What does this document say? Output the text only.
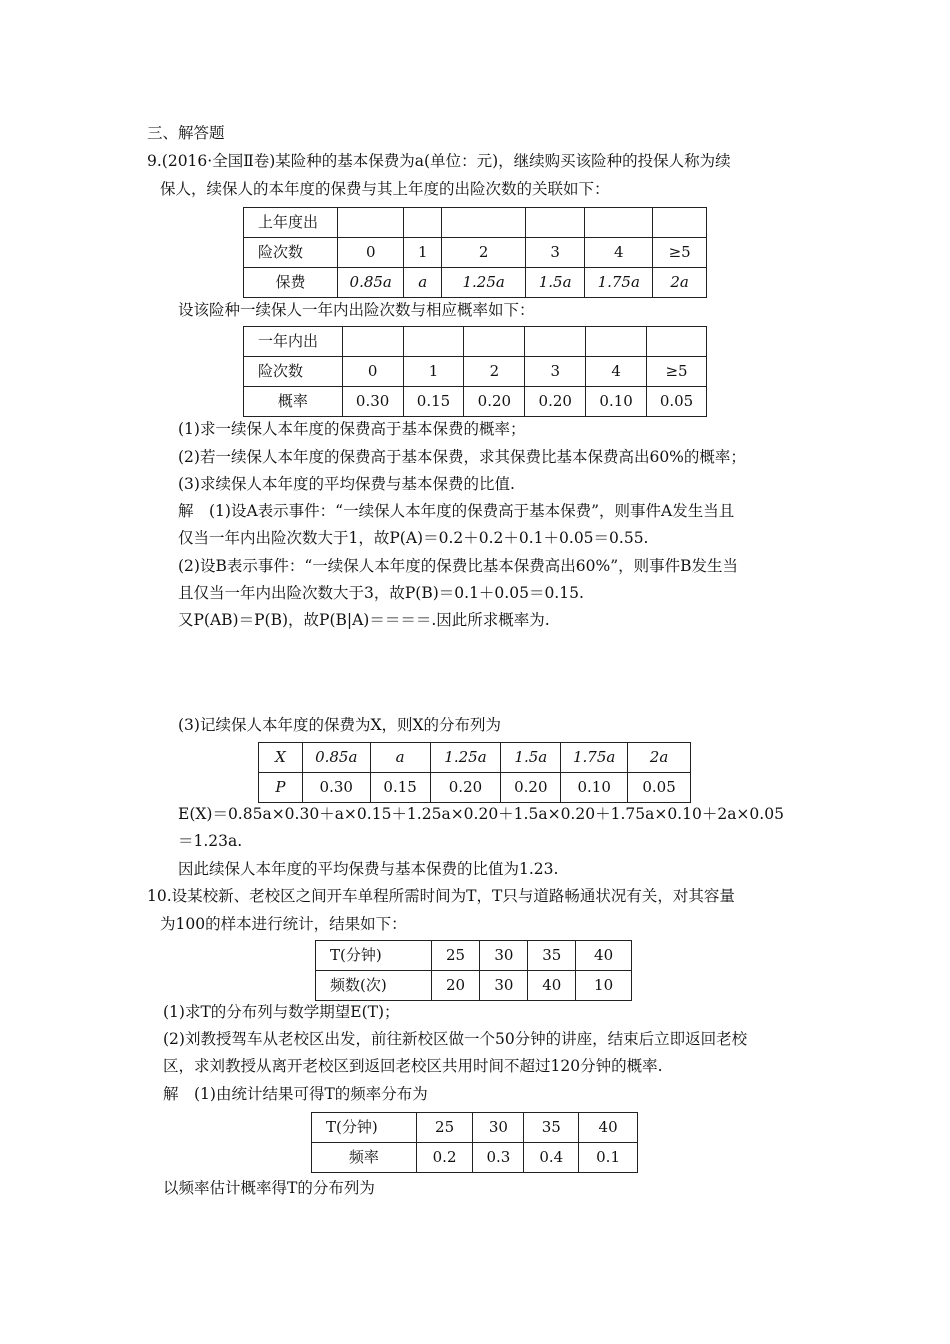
三、解答题
9.(2016·全国Ⅱ卷)某险种的基本保费为a(单位：元)，继续购买该险种的投保人称为续
保人，续保人的本年度的保费与其上年度的出险次数的关联如下：
上年度出						
险次数	0	1	2	3	4	≥5
保费	0.85a	a	1.25a	1.5a	1.75a	2a
设该险种一续保人一年内出险次数与相应概率如下：
一年内出						
险次数	0	1	2	3	4	≥5
概率	0.30	0.15	0.20	0.20	0.10	0.05
(1)求一续保人本年度的保费高于基本保费的概率；
(2)若一续保人本年度的保费高于基本保费，求其保费比基本保费高出60%的概率；
(3)求续保人本年度的平均保费与基本保费的比值.
解　(1)设A表示事件：“一续保人本年度的保费高于基本保费”，则事件A发生当且
仅当一年内出险次数大于1，故P(A)＝0.2＋0.2＋0.1＋0.05＝0.55.
(2)设B表示事件：“一续保人本年度的保费比基本保费高出60%”，则事件B发生当
且仅当一年内出险次数大于3，故P(B)＝0.1＋0.05＝0.15.
又P(AB)＝P(B)，故P(B|A)＝＝＝＝.因此所求概率为.
(3)记续保人本年度的保费为X，则X的分布列为
X	0.85a	a	1.25a	1.5a	1.75a	2a
P	0.30	0.15	0.20	0.20	0.10	0.05
E(X)＝0.85a×0.30＋a×0.15＋1.25a×0.20＋1.5a×0.20＋1.75a×0.10＋2a×0.05
＝1.23a.
因此续保人本年度的平均保费与基本保费的比值为1.23.
10.设某校新、老校区之间开车单程所需时间为T，T只与道路畅通状况有关，对其容量
为100的样本进行统计，结果如下：
T(分钟)	25	30	35	40
频数(次)	20	30	40	10
(1)求T的分布列与数学期望E(T)；
(2)刘教授驾车从老校区出发，前往新校区做一个50分钟的讲座，结束后立即返回老校
区，求刘教授从离开老校区到返回老校区共用时间不超过120分钟的概率.
解　(1)由统计结果可得T的频率分布为
T(分钟)	25	30	35	40
频率	0.2	0.3	0.4	0.1
以频率估计概率得T的分布列为
